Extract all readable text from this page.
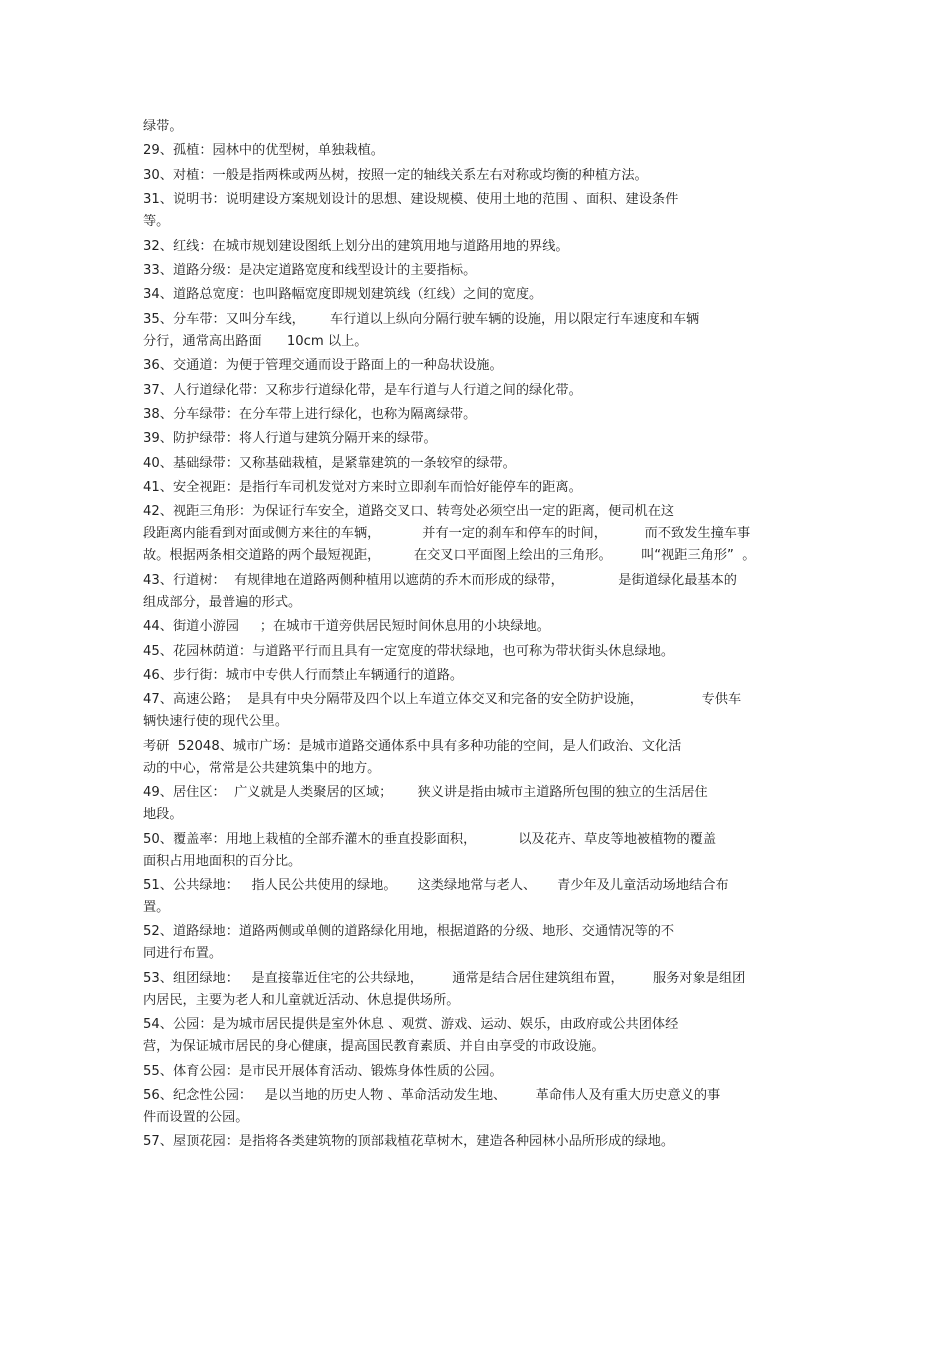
绿带。
29、孤植：园林中的优型树，单独栽植。
30、对植：一般是指两株或两丛树，按照一定的轴线关系左右对称或均衡的种植方法。
31、说明书：说明建设方案规划设计的思想、建设规模、使用土地的范围 、面积、建设条件
等。
32、红线：在城市规划建设图纸上划分出的建筑用地与道路用地的界线。
33、道路分级：是决定道路宽度和线型设计的主要指标。
34、道路总宽度：也叫路幅宽度即规划建筑线（红线）之间的宽度。
35、分车带：又叫分车线，      车行道以上纵向分隔行驶车辆的设施，用以限定行车速度和车辆
分行，通常高出路面      10cm 以上。
36、交通道：为便于管理交通而设于路面上的一种岛状设施。
37、人行道绿化带：又称步行道绿化带，是车行道与人行道之间的绿化带。
38、分车绿带：在分车带上进行绿化，也称为隔离绿带。
39、防护绿带：将人行道与建筑分隔开来的绿带。
40、基础绿带：又称基础栽植，是紧靠建筑的一条较窄的绿带。
41、安全视距：是指行车司机发觉对方来时立即刹车而恰好能停车的距离。
42、视距三角形：为保证行车安全，道路交叉口、转弯处必须空出一定的距离，便司机在这
段距离内能看到对面或侧方来往的车辆，          并有一定的刹车和停车的时间，         而不致发生撞车事
故。根据两条相交道路的两个最短视距，        在交叉口平面图上绘出的三角形。       叫“视距三角形”  。
43、行道树：  有规律地在道路两侧种植用以遮荫的乔木而形成的绿带，             是街道绿化最基本的
组成部分，最普遍的形式。
44、街道小游园     ；在城市干道旁供居民短时间休息用的小块绿地。
45、花园林荫道：与道路平行而且具有一定宽度的带状绿地，也可称为带状街头休息绿地。
46、步行街：城市中专供人行而禁止车辆通行的道路。
47、高速公路；  是具有中央分隔带及四个以上车道立体交叉和完备的安全防护设施，              专供车
辆快速行使的现代公里。
考研  52048、城市广场：是城市道路交通体系中具有多种功能的空间，是人们政治、文化活
动的中心，常常是公共建筑集中的地方。
49、居住区：  广义就是人类聚居的区域；      狭义讲是指由城市主道路所包围的独立的生活居住
地段。
50、覆盖率：用地上栽植的全部乔灌木的垂直投影面积，          以及花卉、草皮等地被植物的覆盖
面积占用地面积的百分比。
51、公共绿地：   指人民公共使用的绿地。     这类绿地常与老人、     青少年及儿童活动场地结合布
置。
52、道路绿地：道路两侧或单侧的道路绿化用地，根据道路的分级、地形、交通情况等的不
同进行布置。
53、组团绿地：   是直接靠近住宅的公共绿地，       通常是结合居住建筑组布置，       服务对象是组团
内居民，主要为老人和儿童就近活动、休息提供场所。
54、公园：是为城市居民提供是室外休息 、观赏、游戏、运动、娱乐，由政府或公共团体经
营，为保证城市居民的身心健康，提高国民教育素质、并自由享受的市政设施。
55、体育公园：是市民开展体育活动、锻炼身体性质的公园。
56、纪念性公园：   是以当地的历史人物 、革命活动发生地、       革命伟人及有重大历史意义的事
件而设置的公园。
57、屋顶花园：是指将各类建筑物的顶部栽植花草树木，建造各种园林小品所形成的绿地。
